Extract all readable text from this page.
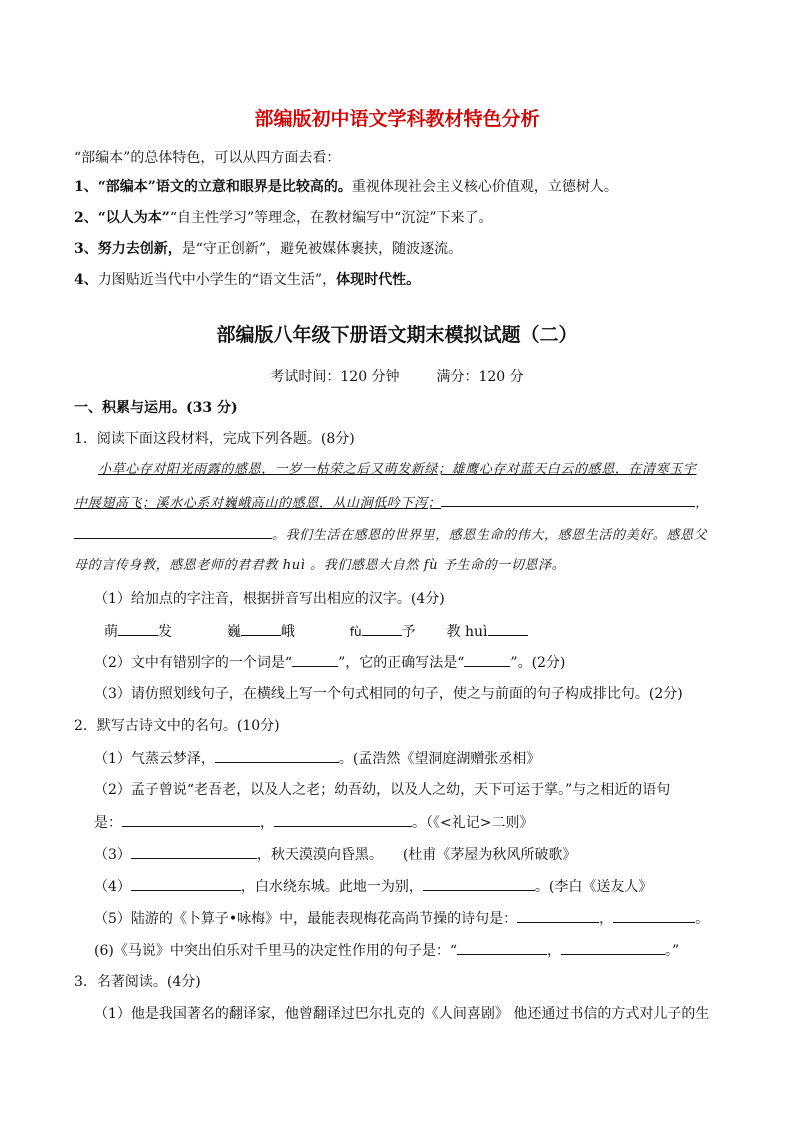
部编版初中语文学科教材特色分析
“部编本”的总体特色，可以从四方面去看：
1、“部编本”语文的立意和眼界是比较高的。重视体现社会主义核心价值观，立德树人。
2、“以人为本”“自主性学习”等理念，在教材编写中“沉淀”下来了。
3、努力去创新，是“守正创新”，避免被媒体裹挟，随波逐流。
4、力图贴近当代中小学生的“语文生活”，体现时代性。
部编版八年级下册语文期末模拟试题（二）
考试时间：120 分钟	满分：120 分
一、积累与运用。(33 分)
1．阅读下面这段材料，完成下列各题。(8分)
小草心存对阳光雨露的感恩，一岁一枯荣之后又萌发新绿；雄鹰心存对蓝天白云的感恩，在清寒玉宇
中展翅高飞；溪水心系对巍峨高山的感恩，从山涧低吟下泻；	，
。我们生活在感恩的世界里，感恩生命的伟大，感恩生活的美好。感恩父
母的言传身教，感恩老师的君君教 huì 。我们感恩大自然 fù 予生命的一切恩泽。
（1）给加点的字注音，根据拼音写出相应的汉字。(4分)
萌	发	巍	峨	fù	予 教 huì
（2）文中有错别字的一个词是“	”，它的正确写法是“	”。(2分)
（3）请仿照划线句子，在横线上写一个句式相同的句子，使之与前面的句子构成排比句。(2分)
2．默写古诗文中的名句。(10分)
（1）气蒸云梦泽，	。(孟浩然《望洞庭湖赠张丞相》
（2）孟子曾说“老吾老，以及人之老；幼吾幼，以及人之幼，天下可运于掌。”与之相近的语句
是：	，	。（《<礼记>二则》
（3）	，秋天漠漠向昏黑。 (杜甫《茅屋为秋风所破歌》
（4）	，白水绕东城。此地一为别，	。(李白《送友人》
（5）陆游的《卜算子•咏梅》中，最能表现梅花高尚节操的诗句是：	，	。
(6)《马说》中突出伯乐对千里马的决定性作用的句子是：“	，	。”
3．名著阅读。(4分)
（1）他是我国著名的翻译家，他曾翻译过巴尔扎克的《人间喜剧》 他还通过书信的方式对儿子的生
